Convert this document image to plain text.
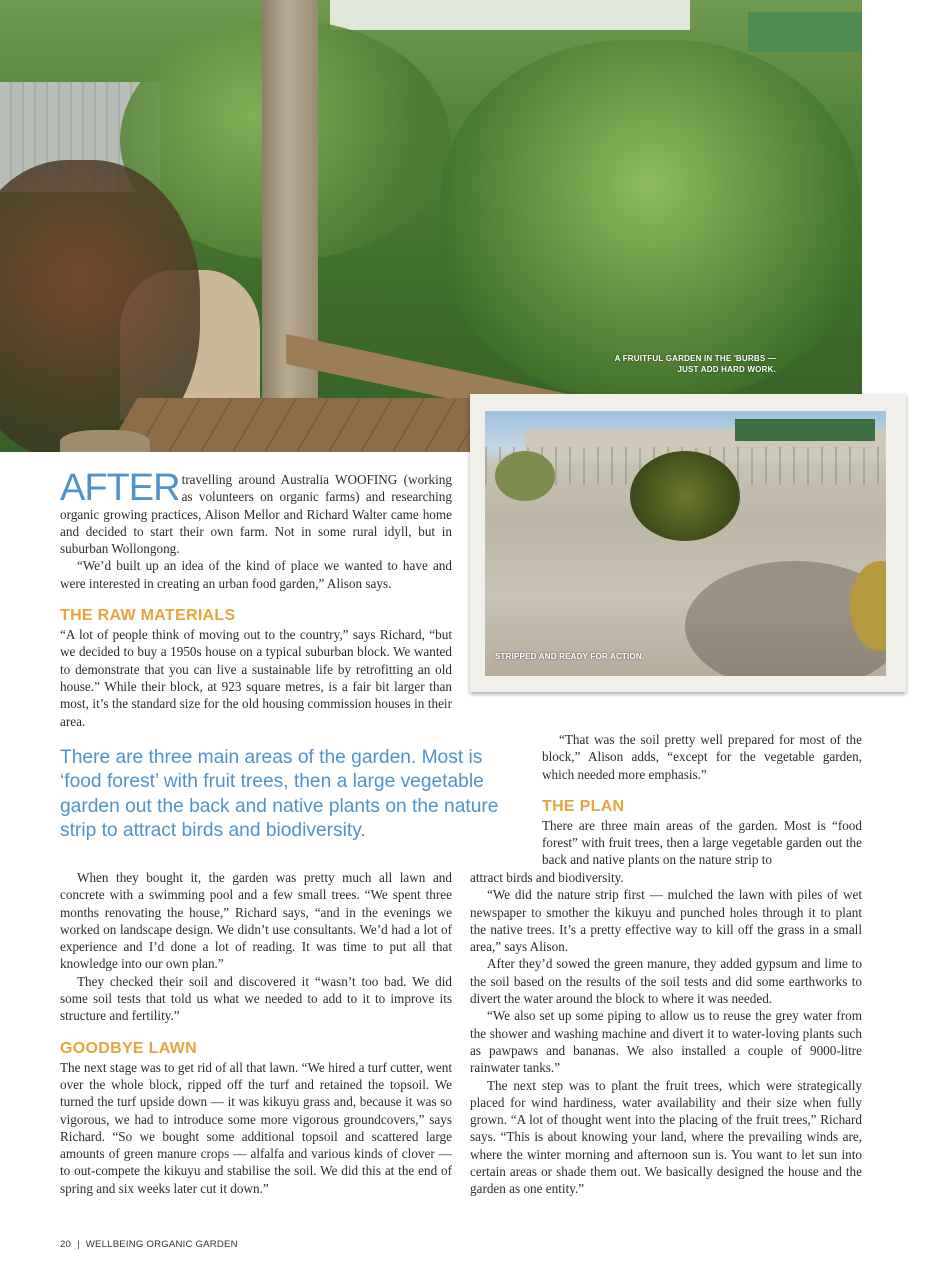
A FRUITFUL GARDEN IN THE 'BURBS —
JUST ADD HARD WORK.
STRIPPED AND READY FOR ACTION.

AFTER travelling around Australia WOOFING (working as volunteers on organic farms) and researching organic growing practices, Alison Mellor and Richard Walter came home and decided to start their own farm. Not in some rural idyll, but in suburban Wollongong.

“We’d built up an idea of the kind of place we wanted to have and were interested in creating an urban food garden,” Alison says.

THE RAW MATERIALS

“A lot of people think of moving out to the country,” says Richard, “but we decided to buy a 1950s house on a typical suburban block. We wanted to demonstrate that you can live a sustainable life by retrofitting an old house.” While their block, at 923 square metres, is a fair bit larger than most, it’s the standard size for the old housing commission houses in their area.

There are three main areas of the garden. Most is ‘food forest’ with fruit trees, then a large vegetable garden out the back and native plants on the nature strip to attract birds and biodiversity.

When they bought it, the garden was pretty much all lawn and concrete with a swimming pool and a few small trees. “We spent three months renovating the house,” Richard says, “and in the evenings we worked on landscape design. We didn’t use consultants. We’d had a lot of experience and I’d done a lot of reading. It was time to put all that knowledge into our own plan.”

They checked their soil and discovered it “wasn’t too bad. We did some soil tests that told us what we needed to add to it to improve its structure and fertility.”

GOODBYE LAWN

The next stage was to get rid of all that lawn. “We hired a turf cutter, went over the whole block, ripped off the turf and retained the topsoil. We turned the turf upside down — it was kikuyu grass and, because it was so vigorous, we had to introduce some more vigorous groundcovers,” says Richard. “So we bought some additional topsoil and scattered large amounts of green manure crops — alfalfa and various kinds of clover — to out-compete the kikuyu and stabilise the soil. We did this at the end of spring and six weeks later cut it down.”

“That was the soil pretty well prepared for most of the block,” Alison adds, “except for the vegetable garden, which needed more emphasis.”

THE PLAN

There are three main areas of the garden. Most is “food forest” with fruit trees, then a large vegetable garden out the back and native plants on the nature strip to

attract birds and biodiversity.

“We did the nature strip first — mulched the lawn with piles of wet newspaper to smother the kikuyu and punched holes through it to plant the native trees. It’s a pretty effective way to kill off the grass in a small area,” says Alison.

After they’d sowed the green manure, they added gypsum and lime to the soil based on the results of the soil tests and did some earthworks to divert the water around the block to where it was needed.

“We also set up some piping to allow us to reuse the grey water from the shower and washing machine and divert it to water-loving plants such as pawpaws and bananas. We also installed a couple of 9000-litre rainwater tanks.”

The next step was to plant the fruit trees, which were strategically placed for wind hardiness, water availability and their size when fully grown. “A lot of thought went into the placing of the fruit trees,” Richard says. “This is about knowing your land, where the prevailing winds are, where the winter morning and afternoon sun is. You want to let sun into certain areas or shade them out. We basically designed the house and the garden as one entity.”

20 | WELLBEING ORGANIC GARDEN
